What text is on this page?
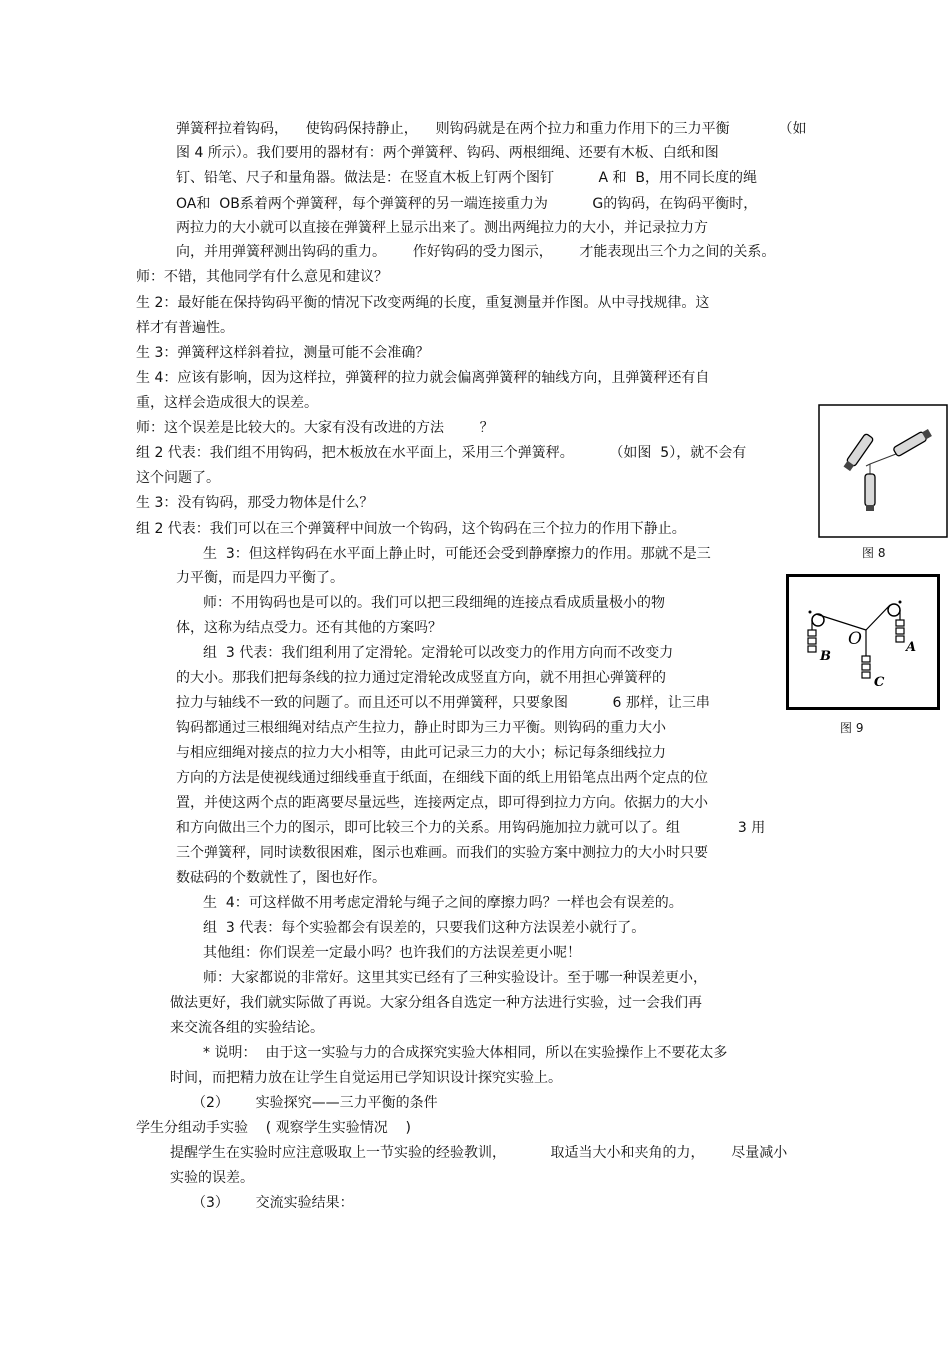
弹簧秤拉着钩码，    使钩码保持静止，    则钩码就是在两个拉力和重力作用下的三力平衡           （如
图 4 所示）。我们要用的器材有：两个弹簧秤、钩码、两根细绳、还要有木板、白纸和图
钉、铅笔、尺子和量角器。做法是：在竖直木板上钉两个图钉          A 和  B，用不同长度的绳
OA和  OB系着两个弹簧秤，每个弹簧秤的另一端连接重力为          G的钩码，在钩码平衡时，
两拉力的大小就可以直接在弹簧秤上显示出来了。测出两绳拉力的大小，并记录拉力方
向，并用弹簧秤测出钩码的重力。      作好钩码的受力图示，      才能表现出三个力之间的关系。
师：不错，其他同学有什么意见和建议？
生 2：最好能在保持钩码平衡的情况下改变两绳的长度，重复测量并作图。从中寻找规律。这
样才有普遍性。
生 3：弹簧秤这样斜着拉，测量可能不会准确？
生 4：应该有影响，因为这样拉，弹簧秤的拉力就会偏离弹簧秤的轴线方向，且弹簧秤还有自
重，这样会造成很大的误差。
师：这个误差是比较大的。大家有没有改进的方法        ？
组 2 代表：我们组不用钩码，把木板放在水平面上，采用三个弹簧秤。        （如图  5），就不会有
这个问题了。
生 3：没有钩码，那受力物体是什么？
组 2 代表：我们可以在三个弹簧秤中间放一个钩码，这个钩码在三个拉力的作用下静止。
生  3：但这样钩码在水平面上静止时，可能还会受到静摩擦力的作用。那就不是三
力平衡，而是四力平衡了。
师：不用钩码也是可以的。我们可以把三段细绳的连接点看成质量极小的物
体，这称为结点受力。还有其他的方案吗？
组  3 代表：我们组利用了定滑轮。定滑轮可以改变力的作用方向而不改变力
的大小。那我们把每条线的拉力通过定滑轮改成竖直方向，就不用担心弹簧秤的
拉力与轴线不一致的问题了。而且还可以不用弹簧秤，只要象图          6 那样，让三串
钩码都通过三根细绳对结点产生拉力，静止时即为三力平衡。则钩码的重力大小
与相应细绳对接点的拉力大小相等，由此可记录三力的大小；标记每条细线拉力
方向的方法是使视线通过细线垂直于纸面，在细线下面的纸上用铅笔点出两个定点的位
置，并使这两个点的距离要尽量远些，连接两定点，即可得到拉力方向。依据力的大小
和方向做出三个力的图示，即可比较三个力的关系。用钩码施加拉力就可以了。组             3 用
三个弹簧秤，同时读数很困难，图示也难画。而我们的实验方案中测拉力的大小时只要
数砝码的个数就性了，图也好作。
生  4：可这样做不用考虑定滑轮与绳子之间的摩擦力吗？一样也会有误差的。
组  3 代表：每个实验都会有误差的，只要我们这种方法误差小就行了。
其他组：你们误差一定最小吗？也许我们的方法误差更小呢！
师：大家都说的非常好。这里其实已经有了三种实验设计。至于哪一种误差更小，
做法更好，我们就实际做了再说。大家分组各自选定一种方法进行实验，过一会我们再
来交流各组的实验结论。
* 说明：  由于这一实验与力的合成探究实验大体相同，所以在实验操作上不要花太多
时间，而把精力放在让学生自觉运用已学知识设计探究实验上。
（2）      实验探究——三力平衡的条件
学生分组动手实验    ( 观察学生实验情况    )
提醒学生在实验时应注意吸取上一节实验的经验教训，          取适当大小和夹角的力，      尽量减小
实验的误差。
（3）      交流实验结果：
图 8
O
B
A
C
图 9
